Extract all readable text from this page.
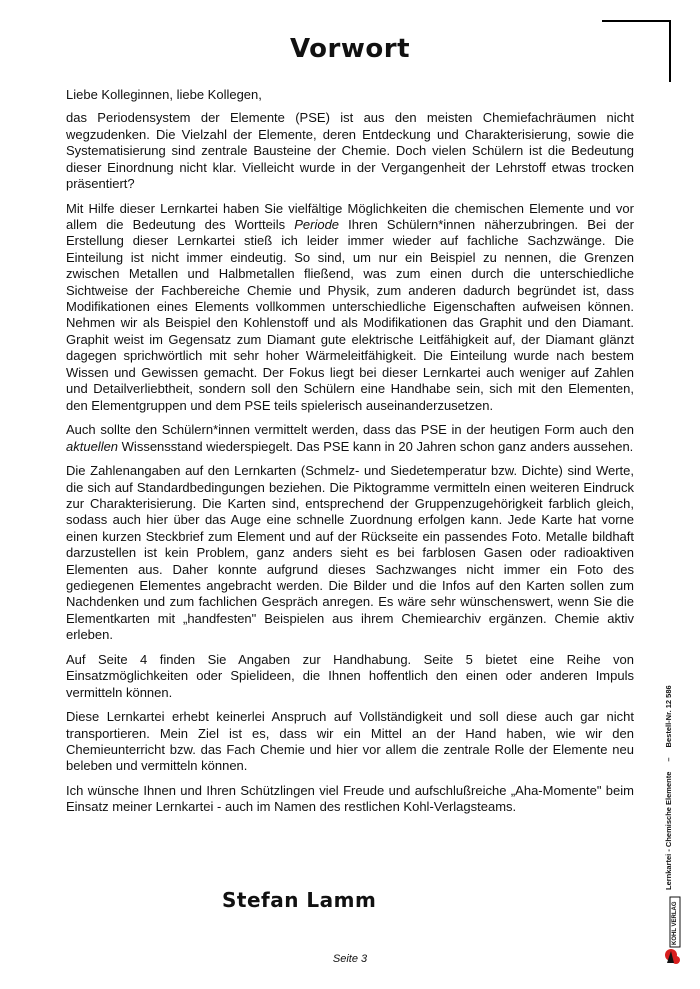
Vorwort

Liebe Kolleginnen, liebe Kollegen,

das Periodensystem der Elemente (PSE) ist aus den meisten Chemiefachräumen nicht wegzudenken. Die Vielzahl der Elemente, deren Entdeckung und Charakterisierung, sowie die Systematisierung sind zentrale Bausteine der Chemie. Doch vielen Schülern ist die Bedeutung dieser Einordnung nicht klar. Vielleicht wurde in der Vergangenheit der Lehrstoff etwas trocken präsentiert?

Mit Hilfe dieser Lernkartei haben Sie vielfältige Möglichkeiten die chemischen Elemente und vor allem die Bedeutung des Wortteils Periode Ihren Schülern*innen näherzubringen. Bei der Erstellung dieser Lernkartei stieß ich leider immer wieder auf fachliche Sachzwänge. Die Einteilung ist nicht immer eindeutig. So sind, um nur ein Beispiel zu nennen, die Grenzen zwischen Metallen und Halbmetallen fließend, was zum einen durch die unterschiedliche Sichtweise der Fachbereiche Chemie und Physik, zum anderen dadurch begründet ist, dass Modifikationen eines Elements vollkommen unterschiedliche Eigenschaften aufweisen können. Nehmen wir als Beispiel den Kohlenstoff und als Modifikationen das Graphit und den Diamant. Graphit weist im Gegensatz zum Diamant gute elektrische Leitfähigkeit auf, der Diamant glänzt dagegen sprichwörtlich mit sehr hoher Wärmeleitfähigkeit. Die Einteilung wurde nach bestem Wissen und Gewissen gemacht. Der Fokus liegt bei dieser Lernkartei auch weniger auf Zahlen und Detailverliebtheit, sondern soll den Schülern eine Handhabe sein, sich mit den Elementen, den Elementgruppen und dem PSE teils spielerisch auseinanderzusetzen.

Auch sollte den Schülern*innen vermittelt werden, dass das PSE in der heutigen Form auch den aktuellen Wissensstand wiederspiegelt. Das PSE kann in 20 Jahren schon ganz anders aussehen.

Die Zahlenangaben auf den Lernkarten (Schmelz- und Siedetemperatur bzw. Dichte) sind Werte, die sich auf Standardbedingungen beziehen. Die Piktogramme vermitteln einen weiteren Eindruck zur Charakterisierung. Die Karten sind, entsprechend der Gruppenzugehörigkeit farblich gleich, sodass auch hier über das Auge eine schnelle Zuordnung erfolgen kann. Jede Karte hat vorne einen kurzen Steckbrief zum Element und auf der Rückseite ein passendes Foto. Metalle bildhaft darzustellen ist kein Problem, ganz anders sieht es bei farblosen Gasen oder radioaktiven Elementen aus. Daher konnte aufgrund dieses Sachzwanges nicht immer ein Foto des gediegenen Elementes angebracht werden. Die Bilder und die Infos auf den Karten sollen zum Nachdenken und zum fachlichen Gespräch anregen. Es wäre sehr wünschenswert, wenn Sie die Elementkarten mit „handfesten" Beispielen aus ihrem Chemiearchiv ergänzen. Chemie aktiv erleben.

Auf Seite 4 finden Sie Angaben zur Handhabung. Seite 5 bietet eine Reihe von Einsatzmöglichkeiten oder Spielideen, die Ihnen hoffentlich den einen oder anderen Impuls vermitteln können.

Diese Lernkartei erhebt keinerlei Anspruch auf Vollständigkeit und soll diese auch gar nicht transportieren. Mein Ziel ist es, dass wir ein Mittel an der Hand haben, wie wir den Chemieunterricht bzw. das Fach Chemie und hier vor allem die zentrale Rolle der Elemente neu beleben und vermitteln können.

Ich wünsche Ihnen und Ihren Schützlingen viel Freude und aufschlußreiche „Aha-Momente" beim Einsatz meiner Lernkartei - auch im Namen des restlichen Kohl-Verlagsteams.

Stefan Lamm
Seite 3
Lernkartei - Chemische Elemente–Bestell-Nr. 12 586
KOHL VERLAG
